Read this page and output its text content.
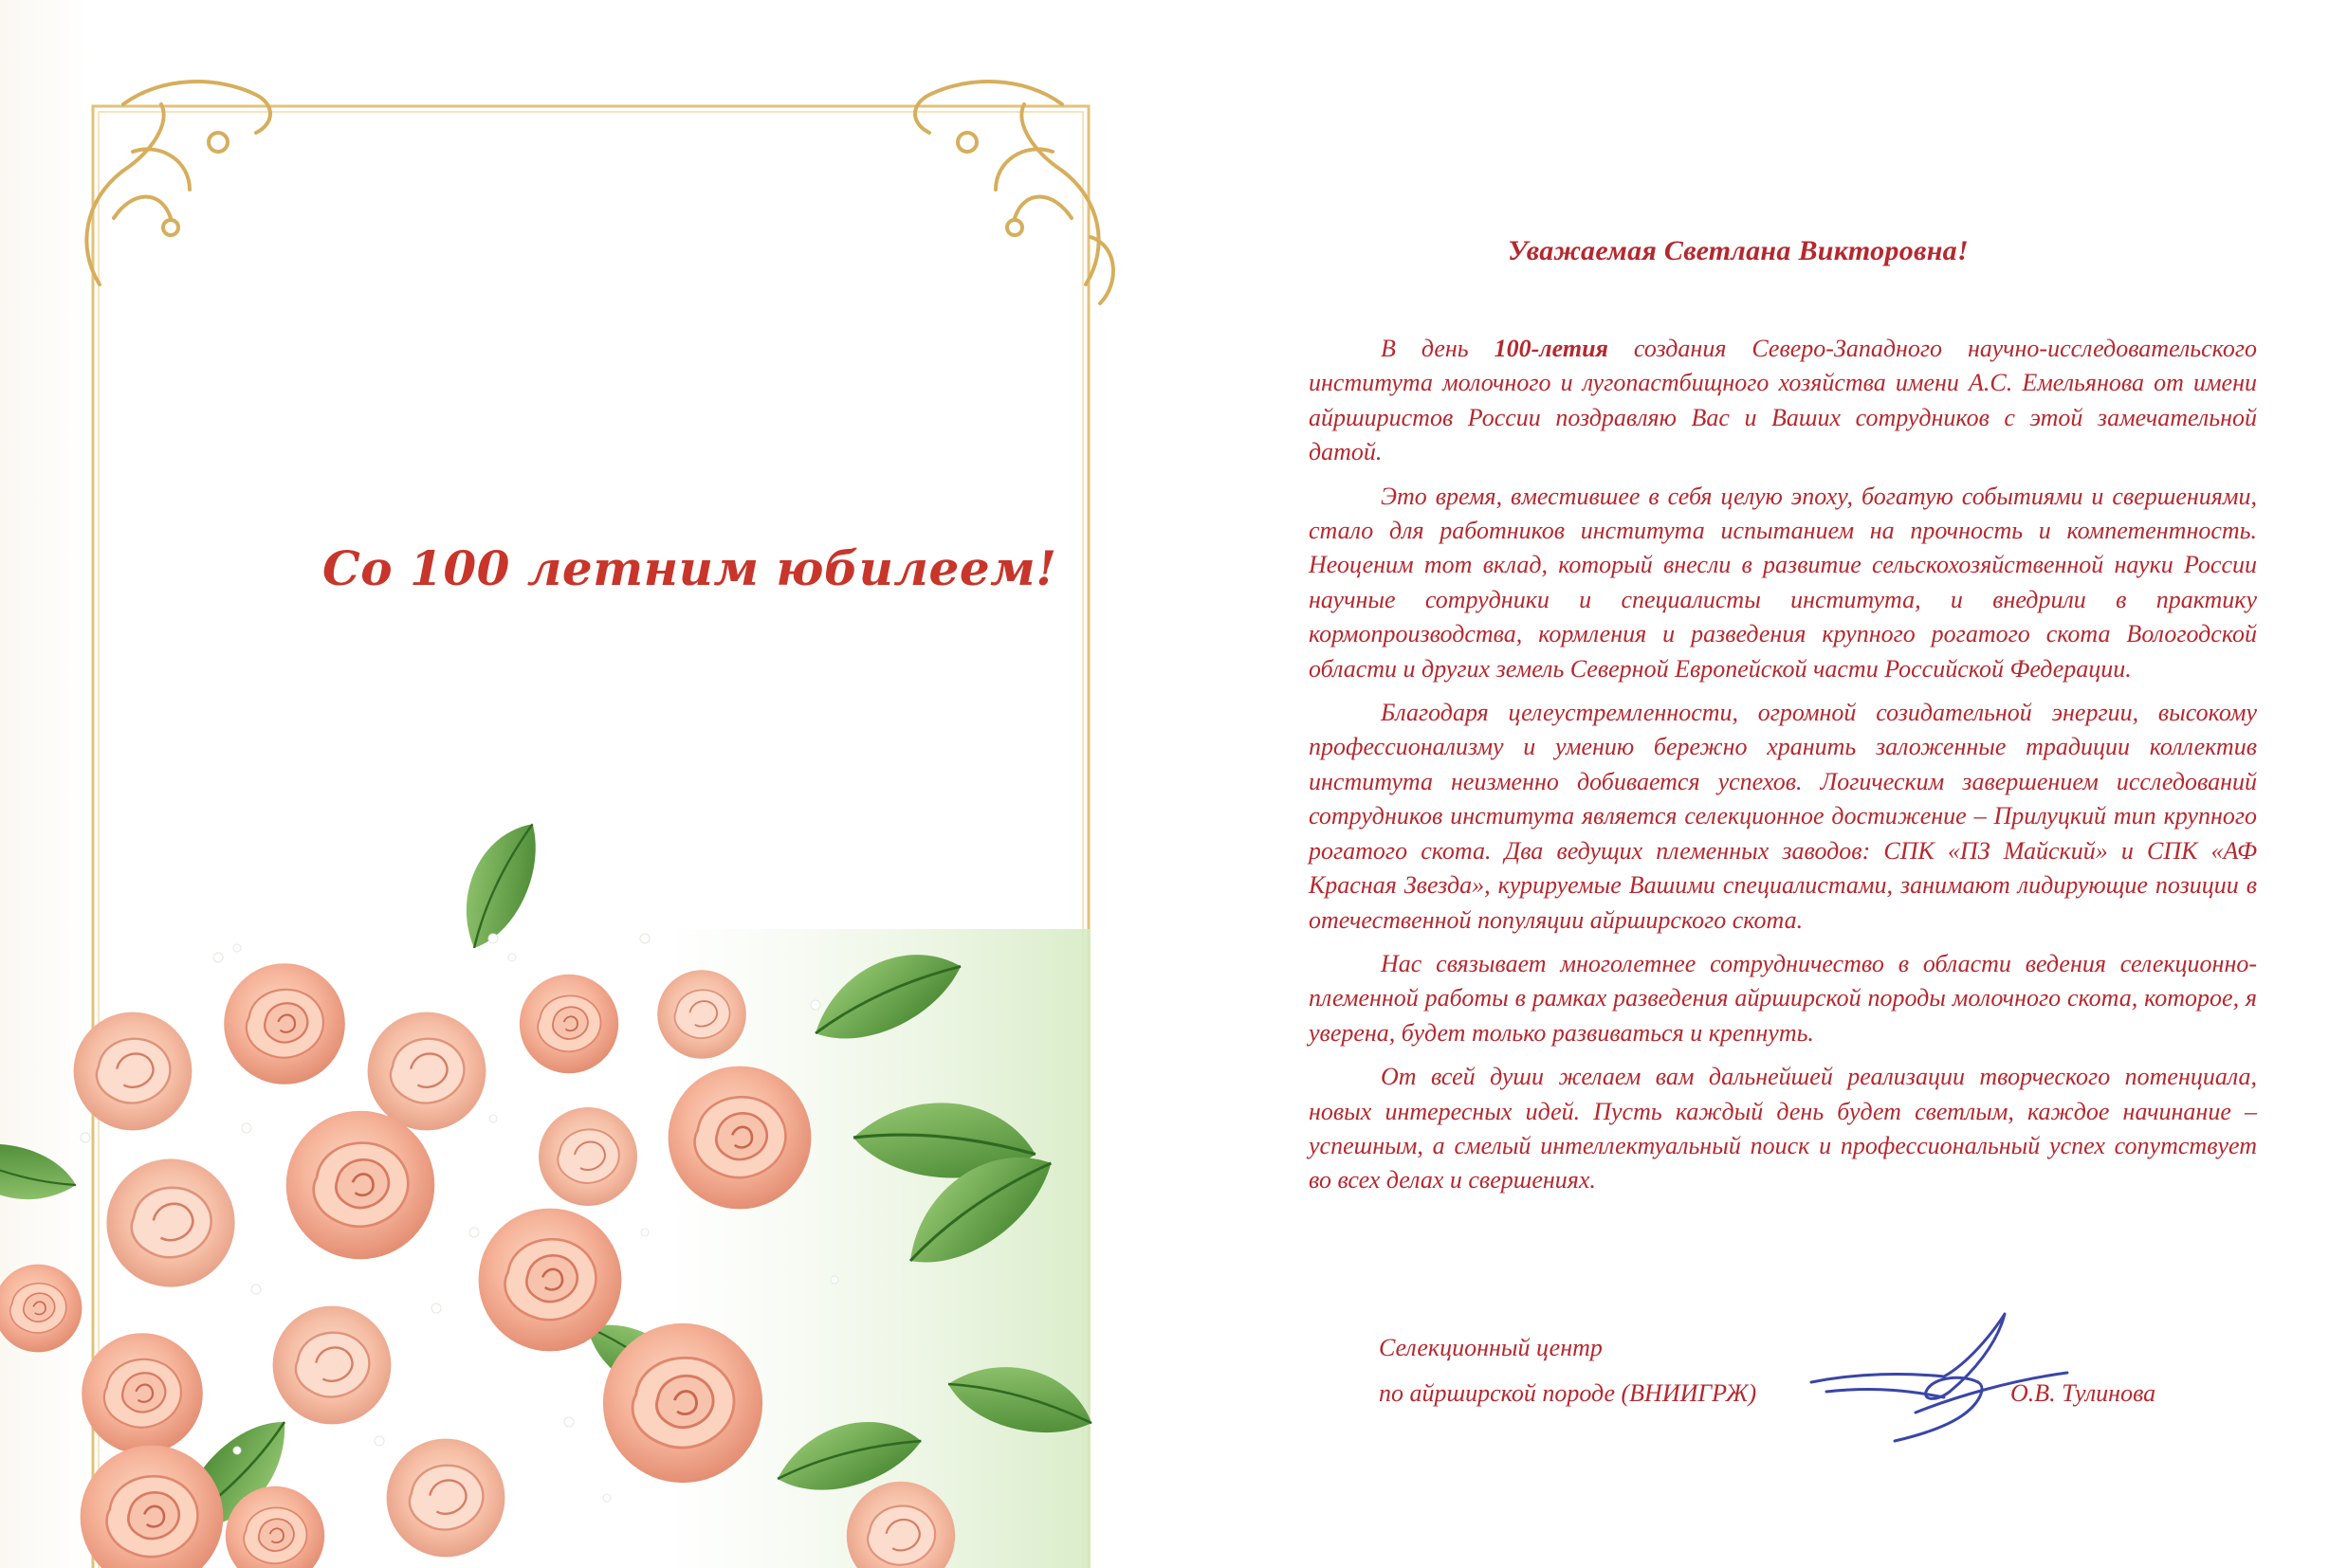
Со 100 летним юбилеем!
Уважаемая Светлана Викторовна!

В день 100-летия создания Северо-Западного научно-исследовательского института молочного и лугопастбищного хозяйства имени А.С. Емельянова от имени айрширистов России поздравляю Вас и Ваших сотрудников с этой замечательной датой.

Это время, вместившее в себя целую эпоху, богатую событиями и свершениями, стало для работников института испытанием на прочность и компетентность. Неоценим тот вклад, который внесли в развитие сельскохозяйственной науки России научные сотрудники и специалисты института, и внедрили в практику кормопроизводства, кормления и разведения крупного рогатого скота Вологодской области и других земель Северной Европейской части Российской Федерации.

Благодаря целеустремленности, огромной созидательной энергии, высокому профессионализму и умению бережно хранить заложенные традиции коллектив института неизменно добивается успехов. Логическим завершением исследований сотрудников института является селекционное достижение – Прилуцкий тип крупного рогатого скота. Два ведущих племенных заводов: СПК «ПЗ Майский» и СПК «АФ Красная Звезда», курируемые Вашими специалистами, занимают лидирующие позиции в отечественной популяции айрширского скота.

Нас связывает многолетнее сотрудничество в области ведения селекционно-племенной работы в рамках разведения айрширской породы молочного скота, которое, я уверена, будет только развиваться и крепнуть.

От всей души желаем вам дальнейшей реализации творческого потенциала, новых интересных идей. Пусть каждый день будет светлым, каждое начинание – успешным, а смелый интеллектуальный поиск и профессиональный успех сопутствует во всех делах и свершениях.

Селекционный центр
по айрширской породе (ВНИИГРЖ)	О.В. Тулинова
